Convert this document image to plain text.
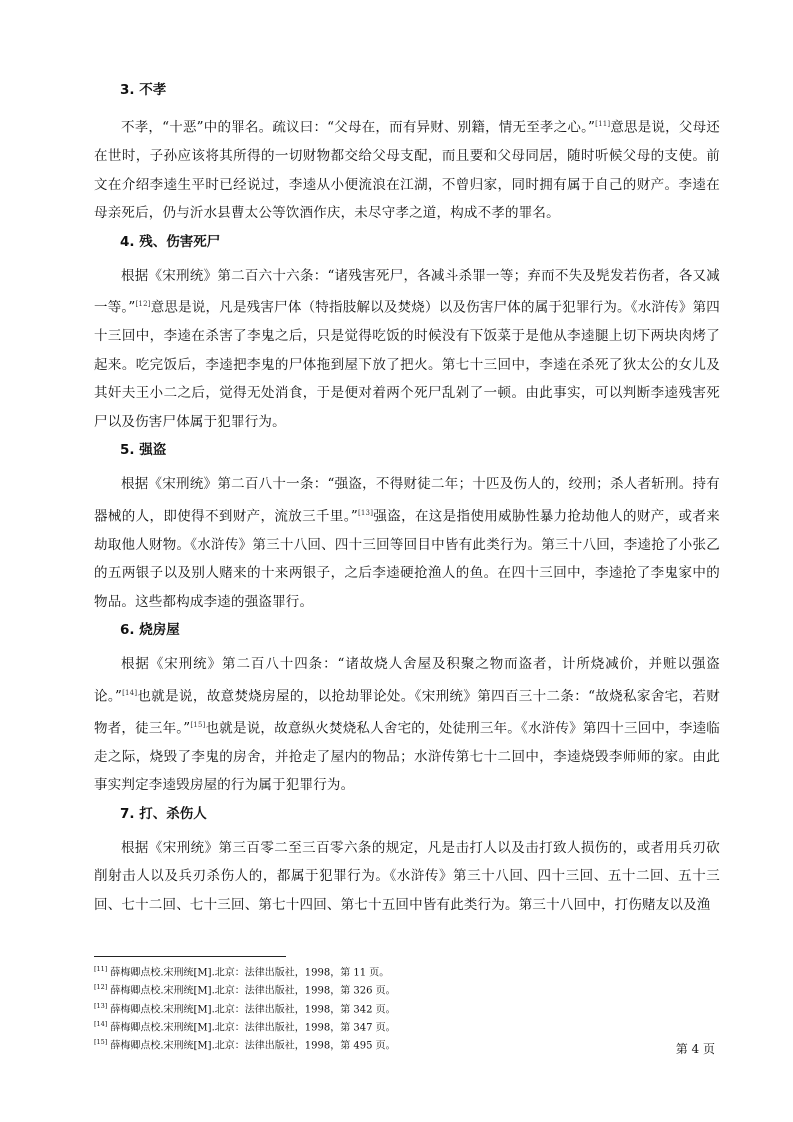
3. 不孝

不孝，“十恶”中的罪名。疏议曰：“父母在，而有异财、别籍，情无至孝之心。”[11]意思是说，父母还在世时，子孙应该将其所得的一切财物都交给父母支配，而且要和父母同居，随时听候父母的支使。前文在介绍李逵生平时已经说过，李逵从小便流浪在江湖，不曾归家，同时拥有属于自己的财产。李逵在母亲死后，仍与沂水县曹太公等饮酒作庆，未尽守孝之道，构成不孝的罪名。

4. 残、伤害死尸

根据《宋刑统》第二百六十六条：“诸残害死尸，各减斗杀罪一等；弃而不失及髡发若伤者，各又减一等。”[12]意思是说，凡是残害尸体（特指肢解以及焚烧）以及伤害尸体的属于犯罪行为。《水浒传》第四十三回中，李逵在杀害了李鬼之后，只是觉得吃饭的时候没有下饭菜于是他从李逵腿上切下两块肉烤了起来。吃完饭后，李逵把李鬼的尸体拖到屋下放了把火。第七十三回中，李逵在杀死了狄太公的女儿及其奸夫王小二之后，觉得无处消食，于是便对着两个死尸乱剁了一顿。由此事实，可以判断李逵残害死尸以及伤害尸体属于犯罪行为。

5. 强盗

根据《宋刑统》第二百八十一条：“强盗，不得财徒二年；十匹及伤人的，绞刑；杀人者斩刑。持有器械的人，即使得不到财产，流放三千里。”[13]强盗，在这是指使用威胁性暴力抢劫他人的财产，或者来劫取他人财物。《水浒传》第三十八回、四十三回等回目中皆有此类行为。第三十八回，李逵抢了小张乙的五两银子以及别人赌来的十来两银子，之后李逵硬抢渔人的鱼。在四十三回中，李逵抢了李鬼家中的物品。这些都构成李逵的强盗罪行。

6. 烧房屋

根据《宋刑统》第二百八十四条：“诸故烧人舍屋及积聚之物而盗者，计所烧减价，并赃以强盗论。”[14]也就是说，故意焚烧房屋的，以抢劫罪论处。《宋刑统》第四百三十二条：“故烧私家舍宅，若财物者，徒三年。”[15]也就是说，故意纵火焚烧私人舍宅的，处徒刑三年。《水浒传》第四十三回中，李逵临走之际，烧毁了李鬼的房舍，并抢走了屋内的物品；水浒传第七十二回中，李逵烧毁李师师的家。由此事实判定李逵毁房屋的行为属于犯罪行为。

7. 打、杀伤人

根据《宋刑统》第三百零二至三百零六条的规定，凡是击打人以及击打致人损伤的，或者用兵刃砍削射击人以及兵刃杀伤人的，都属于犯罪行为。《水浒传》第三十八回、四十三回、五十二回、五十三回、七十二回、七十三回、第七十四回、第七十五回中皆有此类行为。第三十八回中，打伤赌友以及渔

[11] 薛梅卿点校.宋刑统[M].北京：法律出版社，1998，第 11 页。
[12] 薛梅卿点校.宋刑统[M].北京：法律出版社，1998，第 326 页。
[13] 薛梅卿点校.宋刑统[M].北京：法律出版社，1998，第 342 页。
[14] 薛梅卿点校.宋刑统[M].北京：法律出版社，1998，第 347 页。
[15] 薛梅卿点校.宋刑统[M].北京：法律出版社，1998，第 495 页。	第 4 页
